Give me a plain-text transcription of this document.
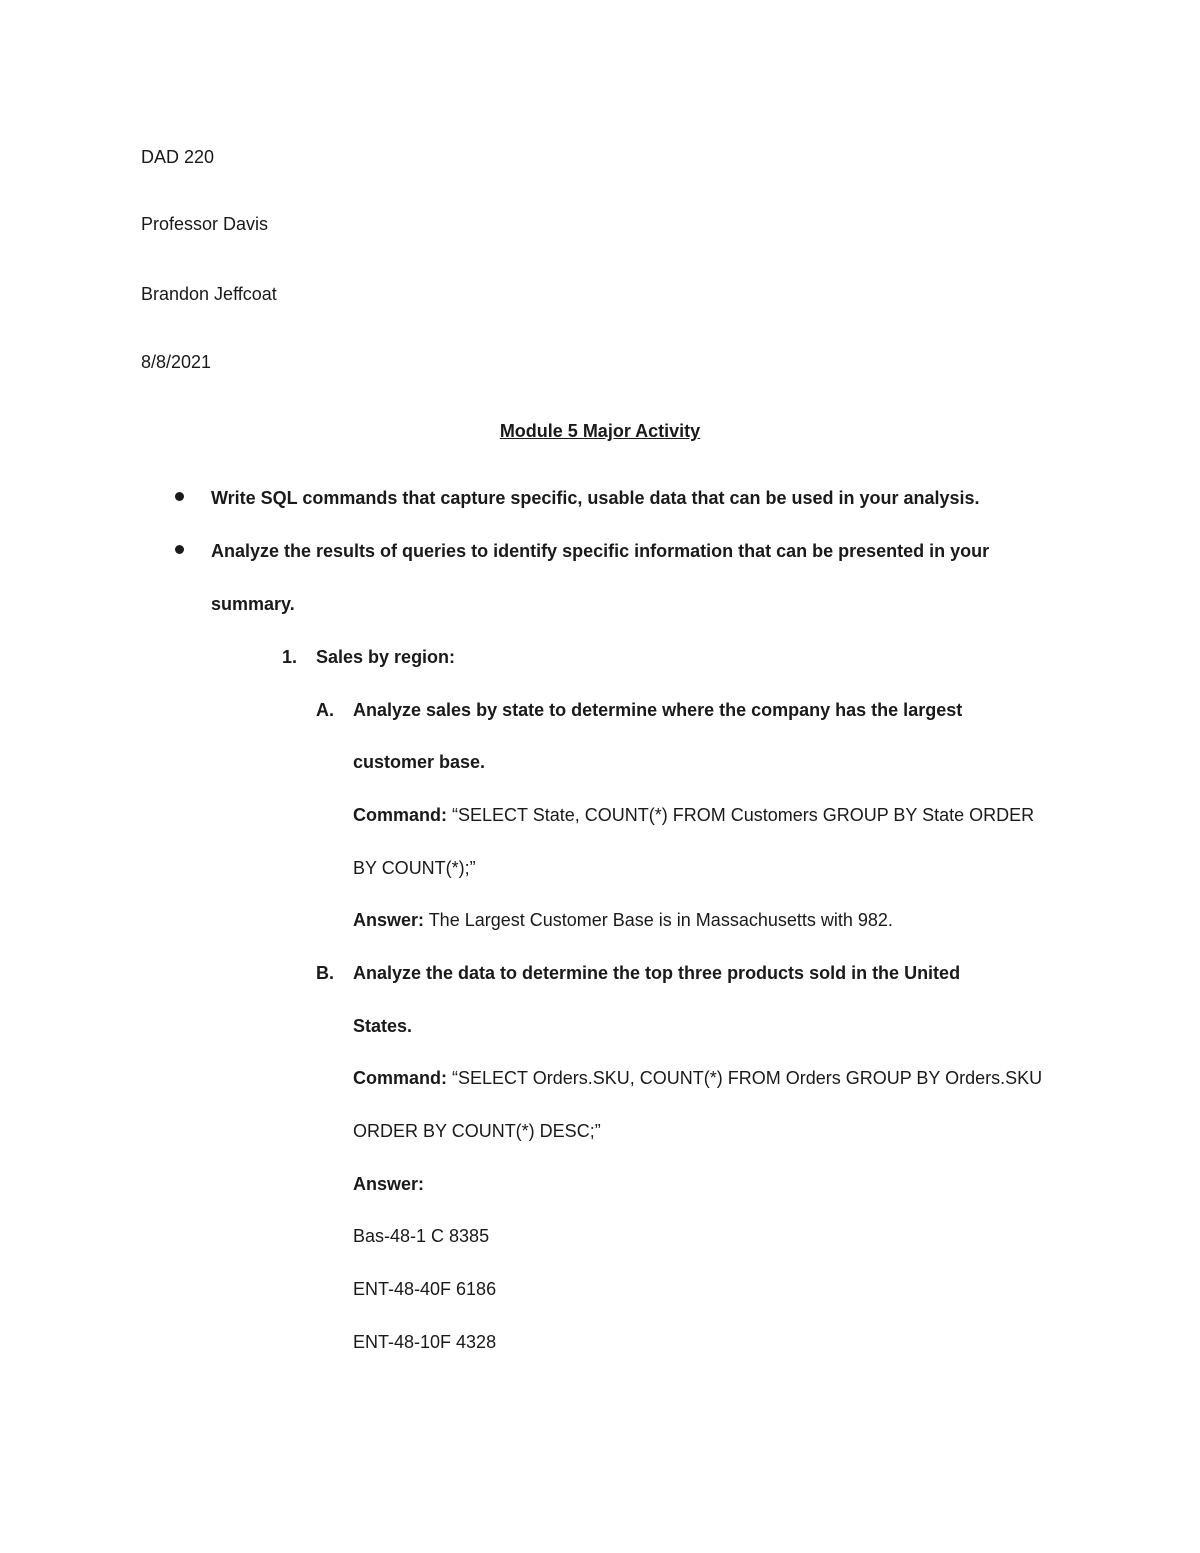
DAD 220
Professor Davis
Brandon Jeffcoat
8/8/2021
Module 5 Major Activity
Write SQL commands that capture specific, usable data that can be used in your analysis.
Analyze the results of queries to identify specific information that can be presented in your
summary.
1. Sales by region:
A. Analyze sales by state to determine where the company has the largest
customer base.
Command: “SELECT State, COUNT(*) FROM Customers GROUP BY State ORDER
BY COUNT(*);”
Answer: The Largest Customer Base is in Massachusetts with 982.
B. Analyze the data to determine the top three products sold in the United
States.
Command: “SELECT Orders.SKU, COUNT(*) FROM Orders GROUP BY Orders.SKU
ORDER BY COUNT(*) DESC;”
Answer:
Bas-48-1 C 8385
ENT-48-40F 6186
ENT-48-10F 4328
